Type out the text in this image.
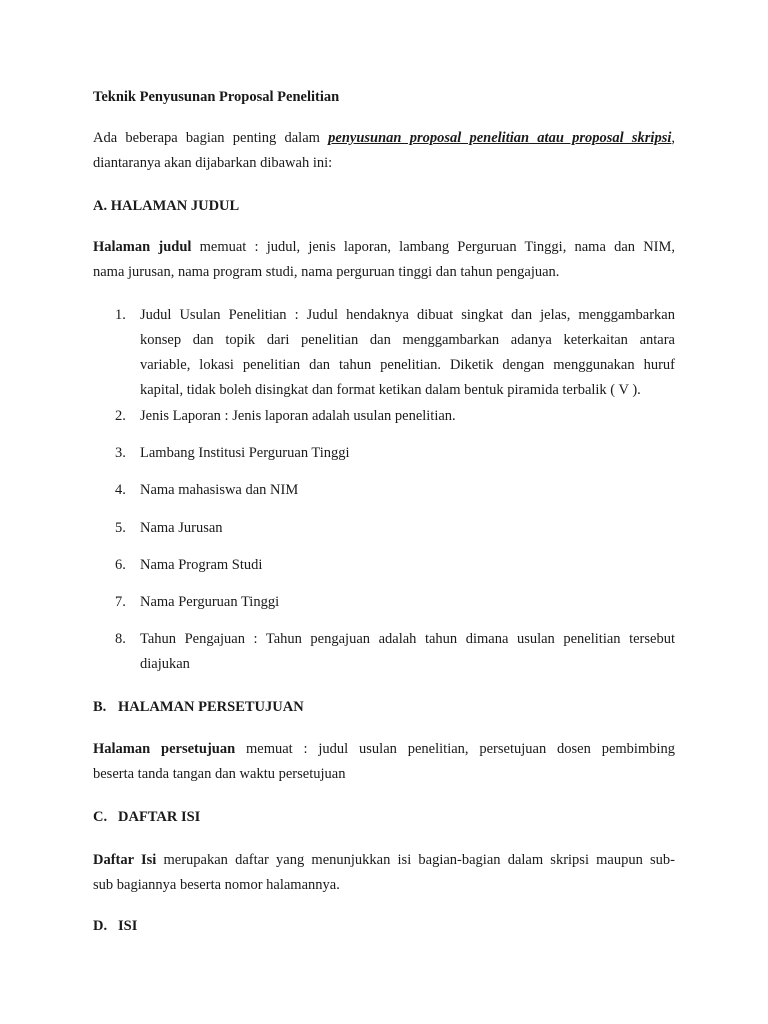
Teknik Penyusunan Proposal Penelitian

Ada beberapa bagian penting dalam penyusunan proposal penelitian atau proposal skripsi,
diantaranya akan dijabarkan dibawah ini:

A. HALAMAN JUDUL

Halaman judul memuat : judul, jenis laporan, lambang Perguruan Tinggi, nama dan NIM,
nama jurusan, nama program studi, nama perguruan tinggi dan tahun pengajuan.
1. Judul Usulan Penelitian : Judul hendaknya dibuat singkat dan jelas, menggambarkan
konsep dan topik dari penelitian dan menggambarkan adanya keterkaitan antara
variable, lokasi penelitian dan tahun penelitian. Diketik dengan menggunakan huruf
kapital, tidak boleh disingkat dan format ketikan dalam bentuk piramida terbalik ( V ).
2. Jenis Laporan : Jenis laporan adalah usulan penelitian.
3. Lambang Institusi Perguruan Tinggi
4. Nama mahasiswa dan NIM
5. Nama Jurusan
6. Nama Program Studi
7. Nama Perguruan Tinggi
8. Tahun Pengajuan : Tahun pengajuan adalah tahun dimana usulan penelitian tersebut
diajukan

B. HALAMAN PERSETUJUAN

Halaman persetujuan memuat : judul usulan penelitian, persetujuan dosen pembimbing
beserta tanda tangan dan waktu persetujuan

C. DAFTAR ISI

Daftar Isi merupakan daftar yang menunjukkan isi bagian-bagian dalam skripsi maupun sub-
sub bagiannya beserta nomor halamannya.

D. ISI
